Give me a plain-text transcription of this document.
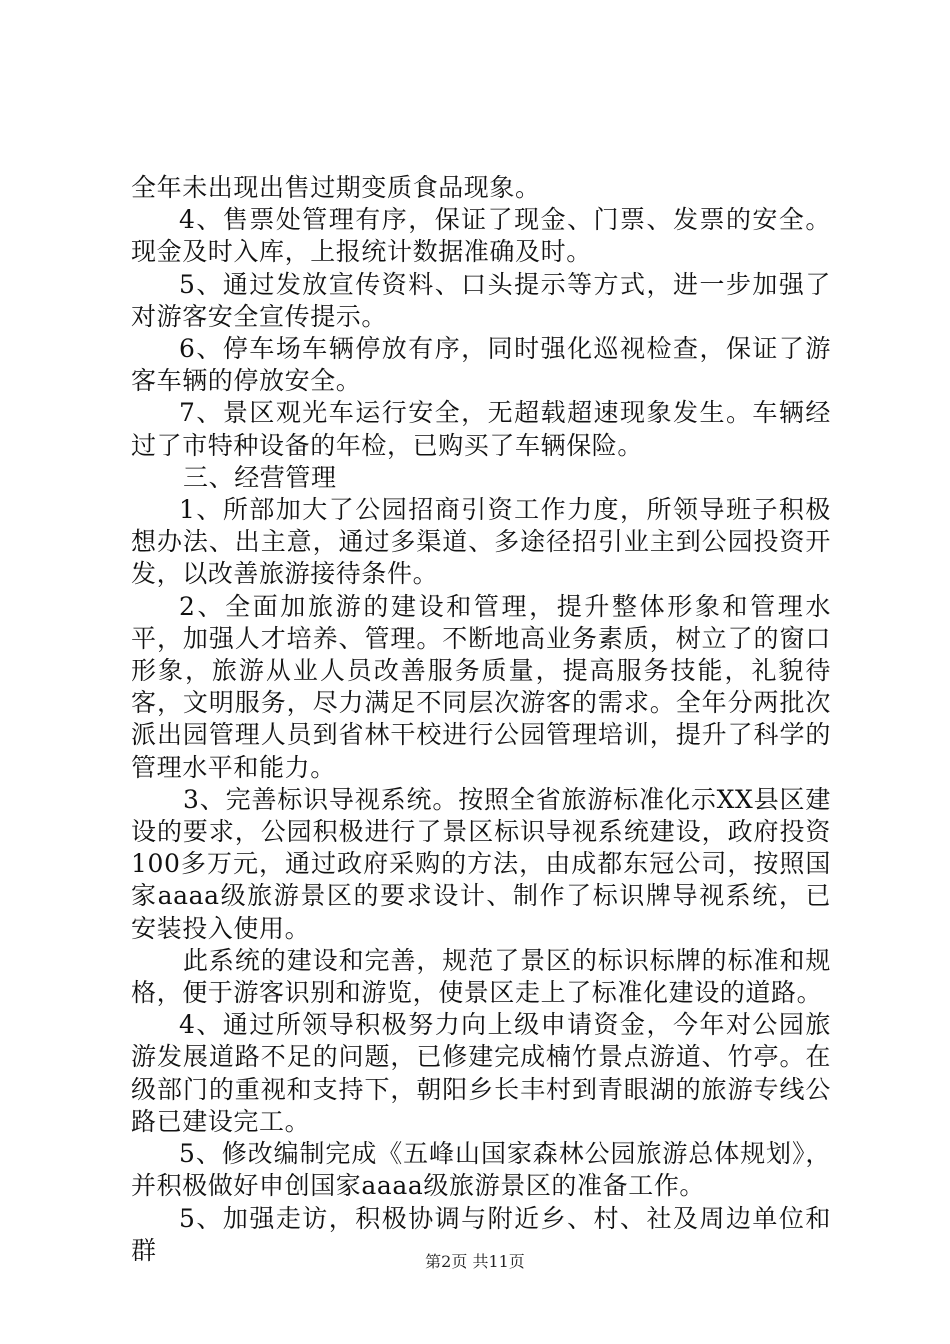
全年未出现出售过期变质食品现象。

4、售票处管理有序，保证了现金、门票、发票的安全。现金及时入库，上报统计数据准确及时。

5、通过发放宣传资料、口头提示等方式，进一步加强了对游客安全宣传提示。

6、停车场车辆停放有序，同时强化巡视检查，保证了游客车辆的停放安全。

7、景区观光车运行安全，无超载超速现象发生。车辆经过了市特种设备的年检，已购买了车辆保险。

三、经营管理

1、所部加大了公园招商引资工作力度，所领导班子积极想办法、出主意，通过多渠道、多途径招引业主到公园投资开发，以改善旅游接待条件。

2、全面加旅游的建设和管理，提升整体形象和管理水平，加强人才培养、管理。不断地高业务素质，树立了的窗口形象，旅游从业人员改善服务质量，提高服务技能，礼貌待客，文明服务，尽力满足不同层次游客的需求。全年分两批次派出园管理人员到省林干校进行公园管理培训，提升了科学的管理水平和能力。

3、完善标识导视系统。按照全省旅游标准化示XX县区建设的要求，公园积极进行了景区标识导视系统建设，政府投资100多万元，通过政府采购的方法，由成都东冠公司，按照国家aaaa级旅游景区的要求设计、制作了标识牌导视系统，已安装投入使用。

此系统的建设和完善，规范了景区的标识标牌的标准和规格，便于游客识别和游览，使景区走上了标准化建设的道路。

4、通过所领导积极努力向上级申请资金，今年对公园旅游发展道路不足的问题，已修建完成楠竹景点游道、竹亭。在级部门的重视和支持下，朝阳乡长丰村到青眼湖的旅游专线公路已建设完工。

5、修改编制完成《五峰山国家森林公园旅游总体规划》，并积极做好申创国家aaaa级旅游景区的准备工作。

5、加强走访，积极协调与附近乡、村、社及周边单位和群	第2页 共11页
